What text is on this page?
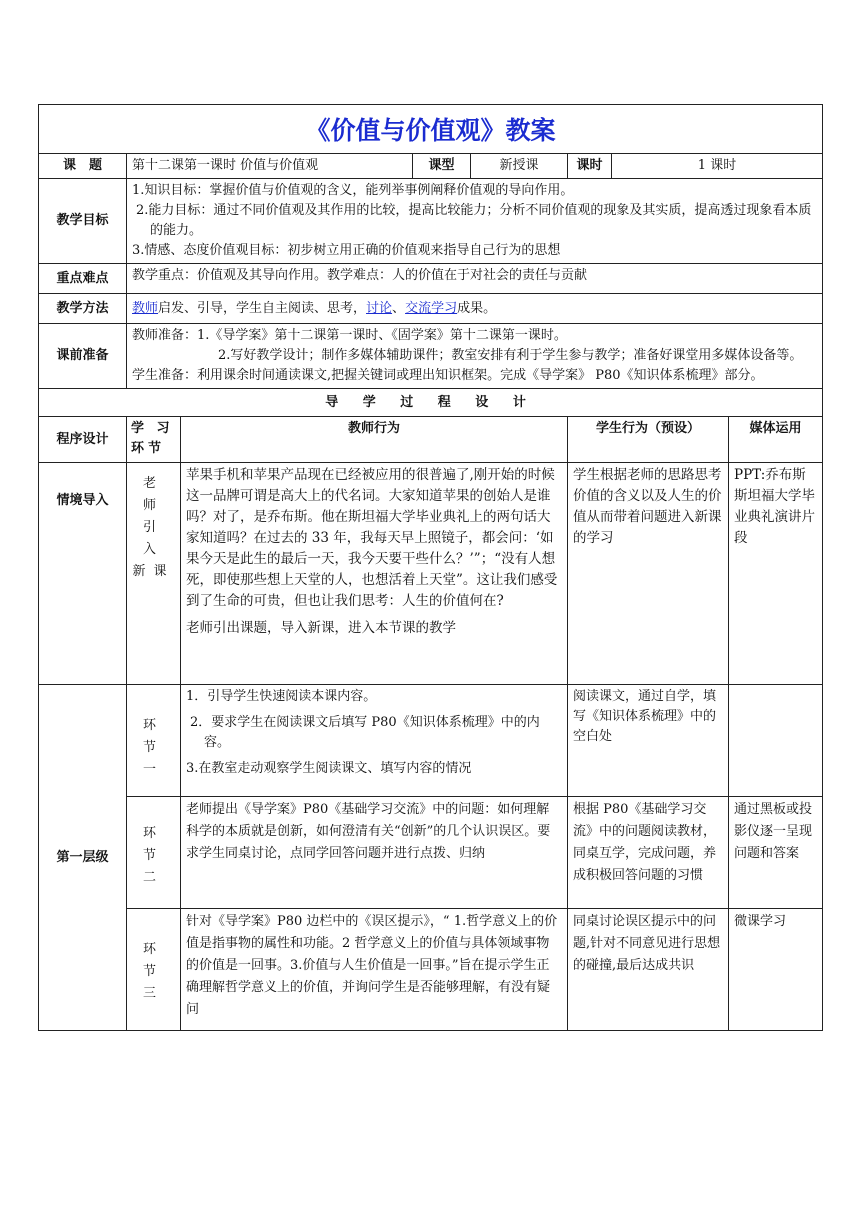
《价值与价值观》教案							
课　题	第十二课第一课时 价值与价值观		课型	新授课	课时	1 课时	
教学目标	1.知识目标：掌握价值与价值观的含义，能列举事例阐释价值观的导向作用。
2.能力目标：通过不同价值观及其作用的比较，提高比较能力；分析不同价值观的现象及其实质，提高透过现象看本质的能力。
3.情感、态度价值观目标：初步树立用正确的价值观来指导自己行为的思想						

重点难点	教学重点：价值观及其导向作用。教学难点：人的价值在于对社会的责任与贡献						
教学方法	教师启发、引导，学生自主阅读、思考，讨论、交流学习成果。						
课前准备	教师准备：1.《导学案》第十二课第一课时、《固学案》第十二课第一课时。
2.写好教学设计；制作多媒体辅助课件；教室安排有利于学生参与教学；准备好课堂用多媒体设备等。
学生准备：利用课余时间通读课文,把握关键词或理出知识框架。完成《导学案》 P80《知识体系梳理》部分。						

导 学 过 程 设 计							
程序设计	学 习 环节	教师行为			学生行为（预设）		媒体运用
情境导入	老 师 引 入 新课	苹果手机和苹果产品现在已经被应用的很普遍了,刚开始的时候这一品牌可谓是高大上的代名词。大家知道苹果的创始人是谁吗？对了，是乔布斯。他在斯坦福大学毕业典礼上的两句话大家知道吗？在过去的 33 年，我每天早上照镜子，都会问：‘如果今天是此生的最后一天，我今天要干些什么？’”；“没有人想死，即使那些想上天堂的人，也想活着上天堂”。这让我们感受到了生命的可贵，但也让我们思考：人生的价值何在?
老师引出课题，导入新课，进入本节课的教学			学生根据老师的思路思考价值的含义以及人生的价值从而带着问题进入新课的学习		PPT:乔布斯斯坦福大学毕业典礼演讲片段
第一层级	环 节 一	1．引导学生快速阅读本课内容。
2．要求学生在阅读课文后填写 P80《知识体系梳理》中的内容。
3.在教室走动观察学生阅读课文、填写内容的情况			阅读课文，通过自学，填写《知识体系梳理》中的空白处		
	环 节 二	老师提出《导学案》P80《基础学习交流》中的问题：如何理解科学的本质就是创新，如何澄清有关“创新”的几个认识误区。要求学生同桌讨论，点同学回答问题并进行点拨、归纳			根据 P80《基础学习交流》中的问题阅读教材，同桌互学，完成问题，养成积极回答问题的习惯		通过黑板或投影仪逐一呈现问题和答案
	环 节 三	针对《导学案》P80 边栏中的《误区提示》，“ 1.哲学意义上的价值是指事物的属性和功能。2 哲学意义上的价值与具体领域事物的价值是一回事。3.价值与人生价值是一回事。”旨在提示学生正确理解哲学意义上的价值，并询问学生是否能够理解，有没有疑问			同桌讨论误区提示中的问题,针对不同意见进行思想的碰撞,最后达成共识		微课学习
